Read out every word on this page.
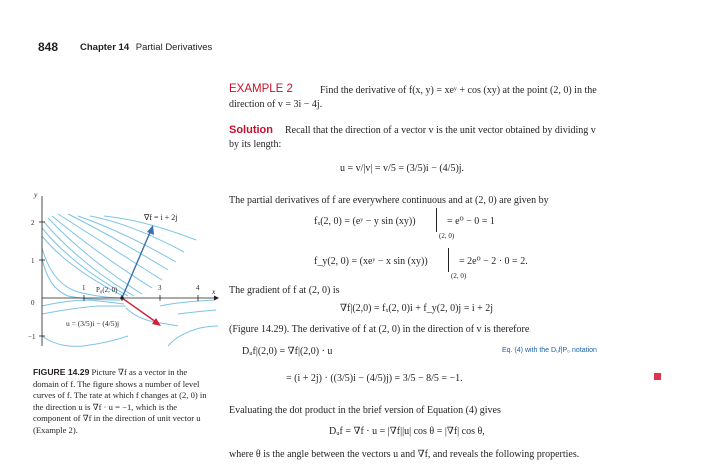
848 Chapter 14 Partial Derivatives
EXAMPLE 2	Find the derivative of f(x, y) = xeʸ + cos (xy) at the point (2, 0) in the
direction of v = 3i − 4j.
Solution Recall that the direction of a vector v is the unit vector obtained by dividing v
by its length:
u = v/|v| = v/5 = (3/5)i − (4/5)j.
The partial derivatives of f are everywhere continuous and at (2, 0) are given by
fₓ(2, 0) = (eʸ − y sin (xy))
(2, 0)
= e⁰ − 0 = 1
f_y(2, 0) = (xeʸ − x sin (xy))
(2, 0)
= 2e⁰ − 2 · 0 = 2.
The gradient of f at (2, 0) is
∇f|(2,0) = fₓ(2, 0)i + f_y(2, 0)j = i + 2j
(Figure 14.29). The derivative of f at (2, 0) in the direction of v is therefore
Dᵤf|(2,0) = ∇f|(2,0) · u
= (i + 2j) · ((3/5)i − (4/5)j) = 3/5 − 8/5 = −1.
Evaluating the dot product in the brief version of Equation (4) gives
Dᵤf = ∇f · u = |∇f||u| cos θ = |∇f| cos θ,
where θ is the angle between the vectors u and ∇f, and reveals the following properties.
Eq. (4) with the Dᵤf|P₀ notation
∇f = i + 2j
P₀(2, 0)
u = (3/5)i − (4/5)j
y
x
2
1
0
−1
1	3	4
FIGURE 14.29 Picture ∇f as a vector in the domain of f. The figure shows a number of level curves of f. The rate at which f changes at (2, 0) in the direction u is ∇f · u = −1, which is the component of ∇f in the direction of unit vector u (Example 2).
